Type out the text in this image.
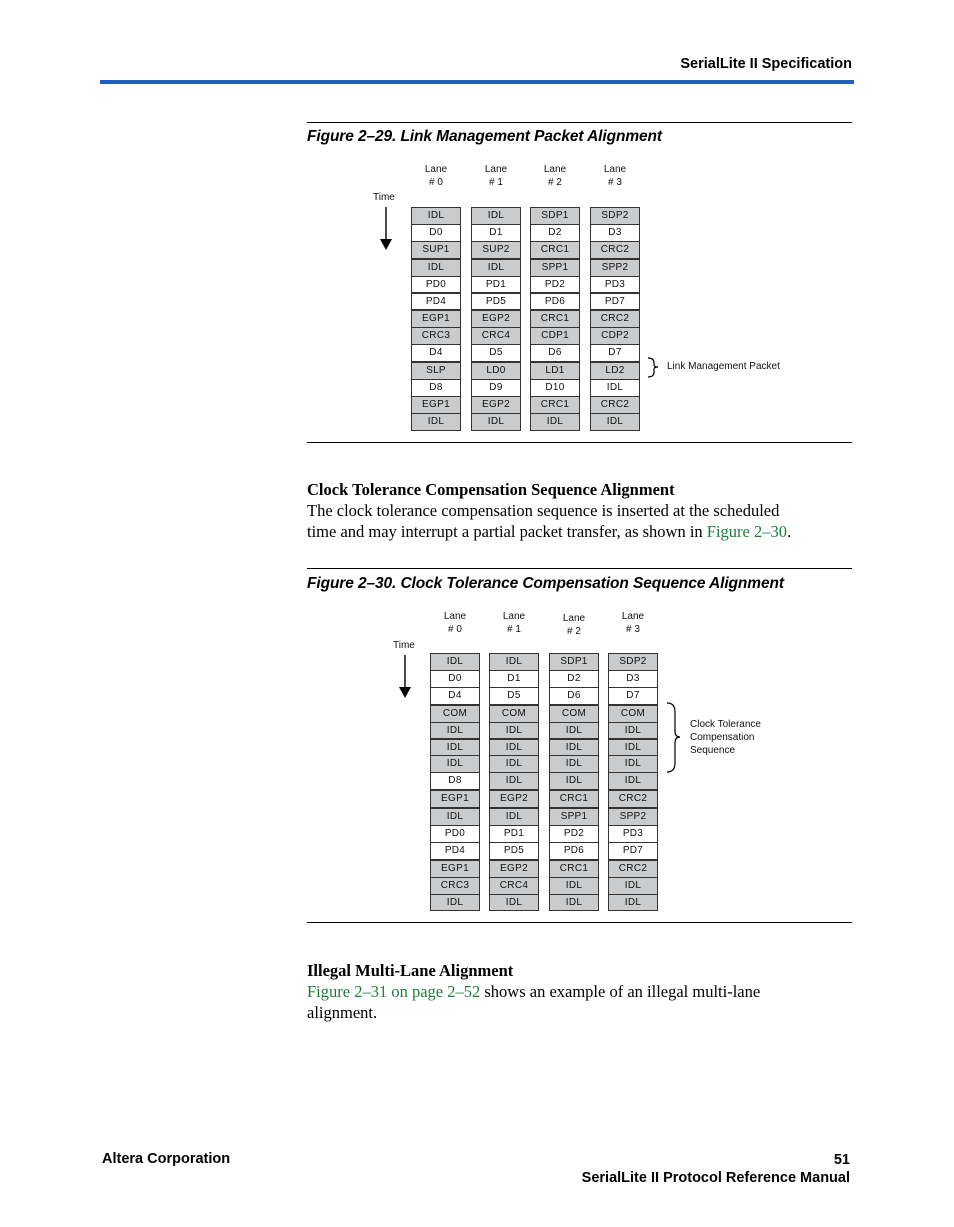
SerialLite II Specification
Figure 2–29. Link Management Packet Alignment
Time
Link Management Packet
Lane
# 0
Lane
# 1
Lane
# 2
Lane
# 3
IDL	IDL	SDP1	SDP2
D0	D1	D2	D3
SUP1	SUP2	CRC1	CRC2
IDL	IDL	SPP1	SPP2
PD0	PD1	PD2	PD3
PD4	PD5	PD6	PD7
EGP1	EGP2	CRC1	CRC2
CRC3	CRC4	CDP1	CDP2
D4	D5	D6	D7
SLP	LD0	LD1	LD2
D8	D9	D10	IDL
EGP1	EGP2	CRC1	CRC2
IDL	IDL	IDL	IDL
Clock Tolerance Compensation Sequence Alignment
The clock tolerance compensation sequence is inserted at the scheduled
time and may interrupt a partial packet transfer, as shown in Figure 2–30.
Figure 2–30. Clock Tolerance Compensation Sequence Alignment
Time
Clock Tolerance
Compensation
Sequence
Lane
# 0
Lane
# 1
Lane
# 2
Lane
# 3
IDL	IDL	SDP1	SDP2
D0	D1	D2	D3
D4	D5	D6	D7
COM	COM	COM	COM
IDL	IDL	IDL	IDL
IDL	IDL	IDL	IDL
IDL	IDL	IDL	IDL
D8	IDL	IDL	IDL
EGP1	EGP2	CRC1	CRC2
IDL	IDL	SPP1	SPP2
PD0	PD1	PD2	PD3
PD4	PD5	PD6	PD7
EGP1	EGP2	CRC1	CRC2
CRC3	CRC4	IDL	IDL
IDL	IDL	IDL	IDL
Illegal Multi-Lane Alignment
Figure 2–31 on page 2–52 shows an example of an illegal multi-lane
alignment.
Altera Corporation	51
SerialLite II Protocol Reference Manual
